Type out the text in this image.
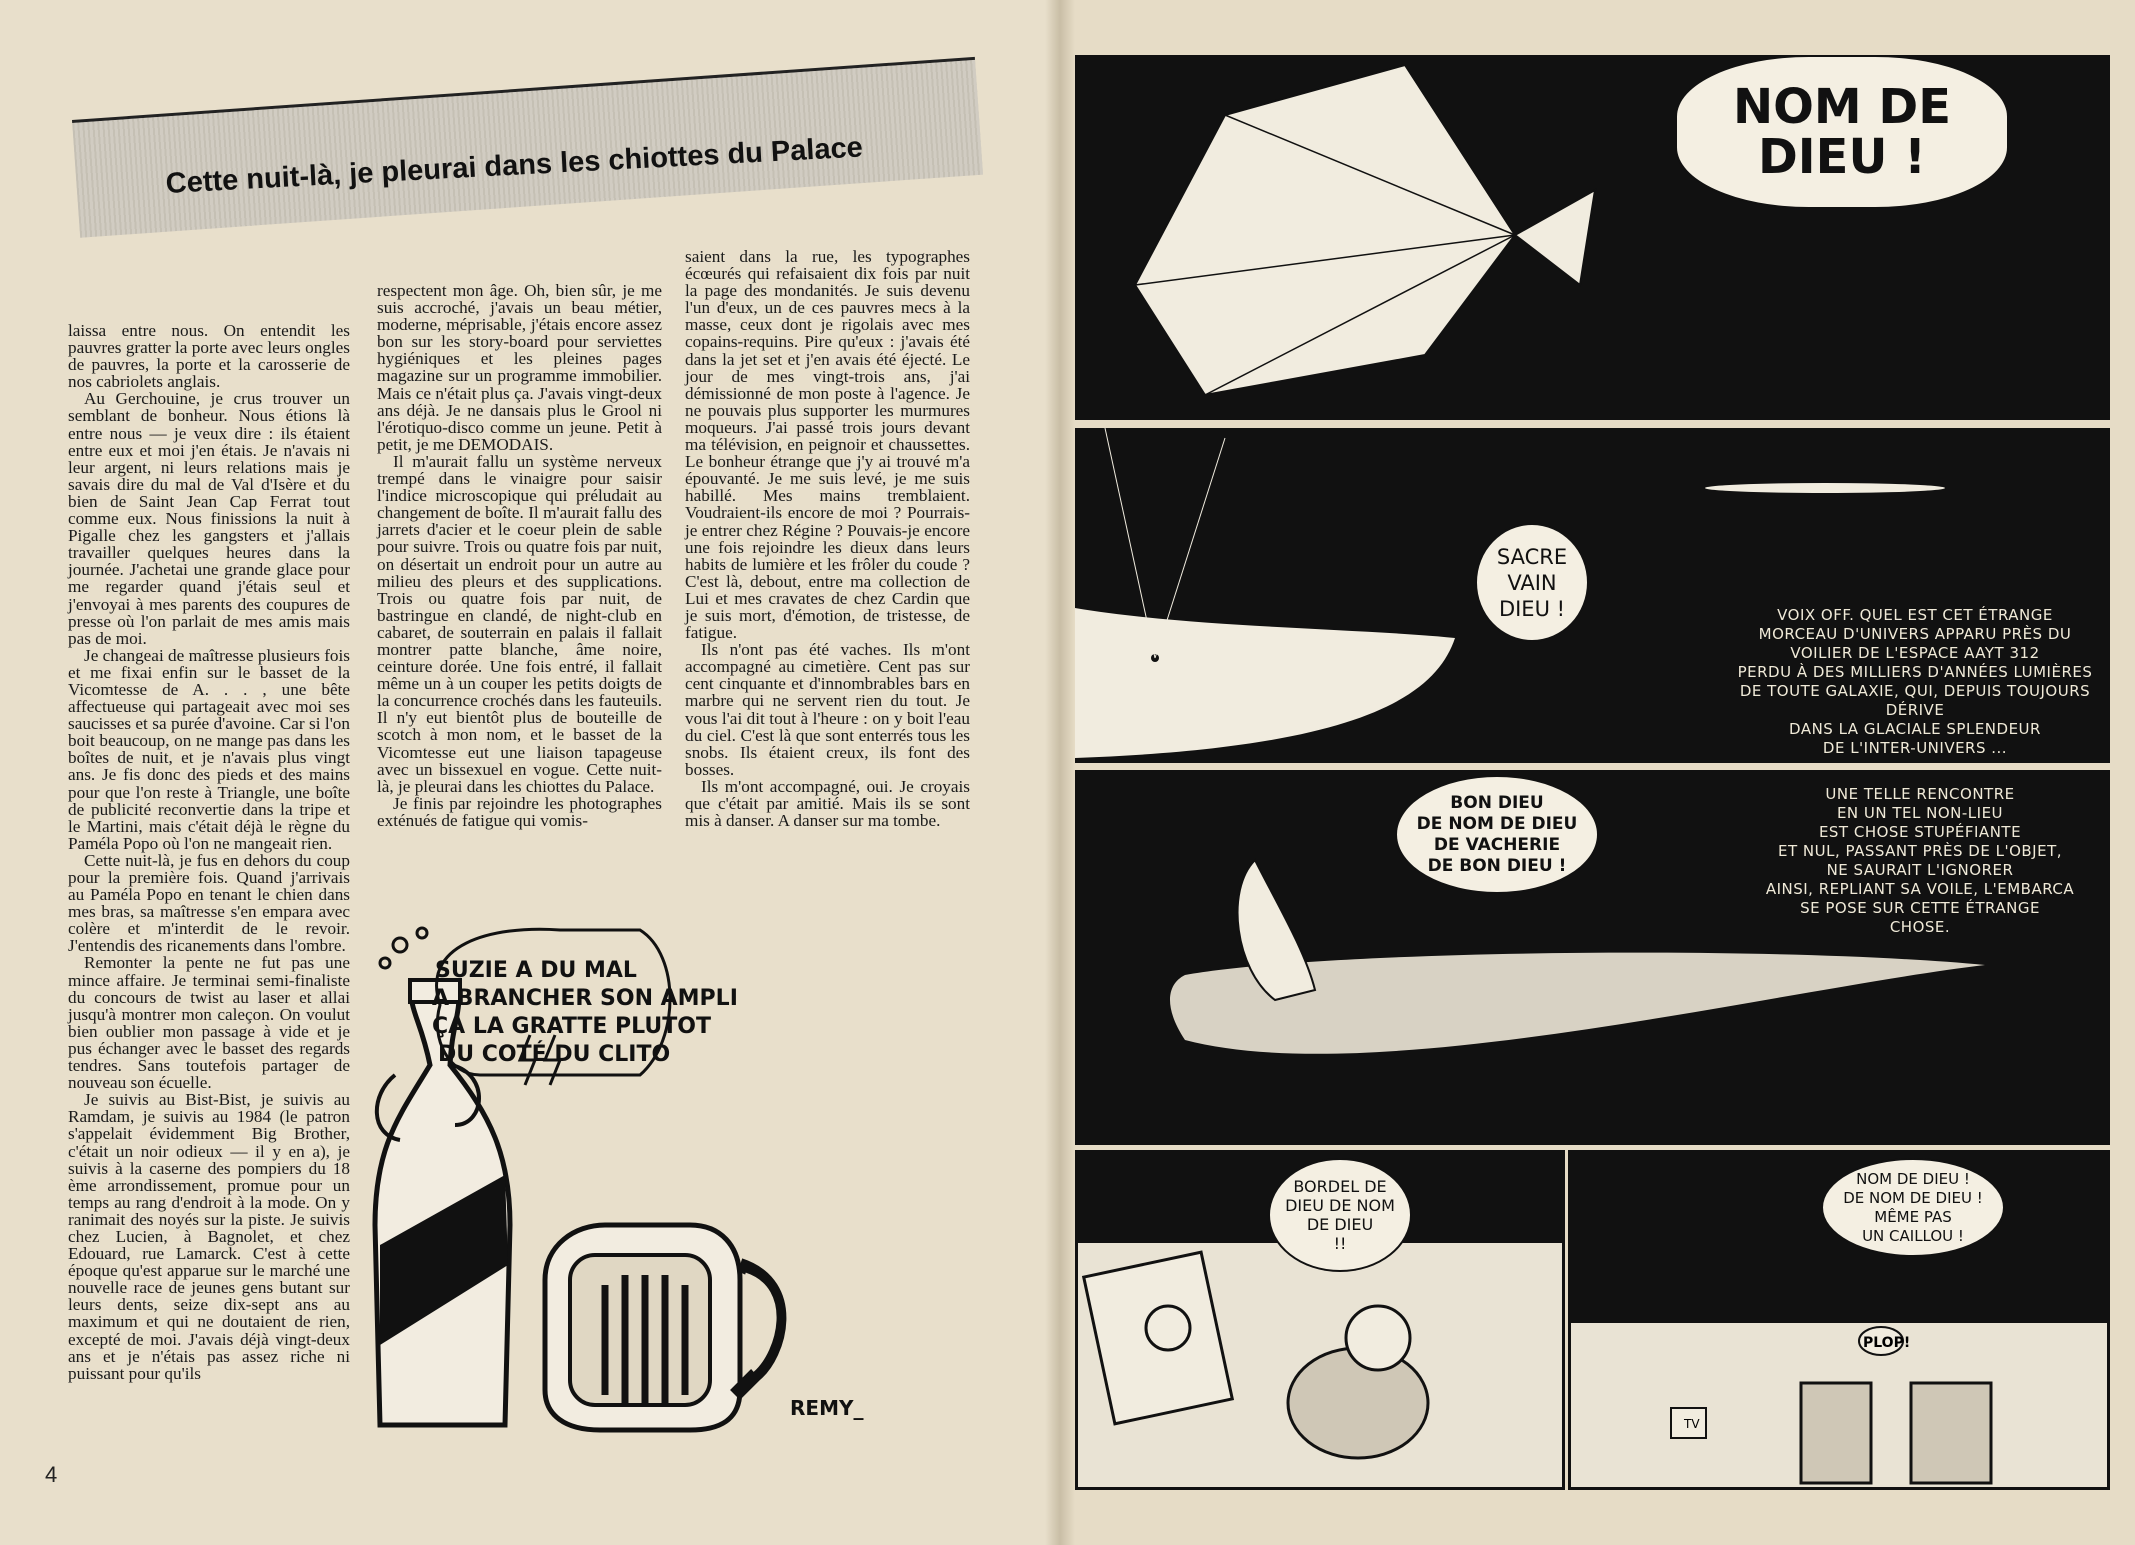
Cette nuit-là, je pleurai dans les chiottes du Palace

laissa entre nous. On entendit les pauvres gratter la porte avec leurs ongles de pauvres, la porte et la carosserie de nos cabriolets anglais.

Au Gerchouine, je crus trouver un semblant de bonheur. Nous étions là entre nous — je veux dire : ils étaient entre eux et moi j'en étais. Je n'avais ni leur argent, ni leurs relations mais je savais dire du mal de Val d'Isère et du bien de Saint Jean Cap Ferrat tout comme eux. Nous finissions la nuit à Pigalle chez les gangsters et j'allais travailler quelques heures dans la journée. J'achetai une grande glace pour me regarder quand j'étais seul et j'envoyai à mes parents des coupures de presse où l'on parlait de mes amis mais pas de moi.

Je changeai de maîtresse plusieurs fois et me fixai enfin sur le basset de la Vicomtesse de A. . . , une bête affectueuse qui partageait avec moi ses saucisses et sa purée d'avoine. Car si l'on boit beaucoup, on ne mange pas dans les boîtes de nuit, et je n'avais plus vingt ans. Je fis donc des pieds et des mains pour que l'on reste à Triangle, une boîte de publicité reconvertie dans la tripe et le Martini, mais c'était déjà le règne du Paméla Popo où l'on ne mangeait rien.

Cette nuit-là, je fus en dehors du coup pour la première fois. Quand j'arrivais au Paméla Popo en tenant le chien dans mes bras, sa maîtresse s'en empara avec colère et m'interdit de le revoir. J'entendis des ricanements dans l'ombre.

Remonter la pente ne fut pas une mince affaire. Je terminai semi-finaliste du concours de twist au laser et allai jusqu'à montrer mon caleçon. On voulut bien oublier mon passage à vide et je pus échanger avec le basset des regards tendres. Sans toutefois partager de nouveau son écuelle.

Je suivis au Bist-Bist, je suivis au Ramdam, je suivis au 1984 (le patron s'appelait évidemment Big Brother, c'était un noir odieux — il y en a), je suivis à la caserne des pompiers du 18 ème arrondissement, promue pour un temps au rang d'endroit à la mode. On y ranimait des noyés sur la piste. Je suivis chez Lucien, à Bagnolet, et chez Edouard, rue Lamarck. C'est à cette époque qu'est apparue sur le marché une nouvelle race de jeunes gens butant sur leurs dents, seize dix-sept ans au maximum et qui ne doutaient de rien, excepté de moi. J'avais déjà vingt-deux ans et je n'étais pas assez riche ni puissant pour qu'ils

respectent mon âge. Oh, bien sûr, je me suis accroché, j'avais un beau métier, moderne, méprisable, j'étais encore assez bon sur les story-board pour serviettes hygiéniques et les pleines pages magazine sur un programme immobilier. Mais ce n'était plus ça. J'avais vingt-deux ans déjà. Je ne dansais plus le Grool ni l'érotiquo-disco comme un jeune. Petit à petit, je me DEMODAIS.

Il m'aurait fallu un système nerveux trempé dans le vinaigre pour saisir l'indice microscopique qui préludait au changement de boîte. Il m'aurait fallu des jarrets d'acier et le coeur plein de sable pour suivre. Trois ou quatre fois par nuit, on désertait un endroit pour un autre au milieu des pleurs et des supplications. Trois ou quatre fois par nuit, de bastringue en clandé, de night-club en cabaret, de souterrain en palais il fallait montrer patte blanche, âme noire, ceinture dorée. Une fois entré, il fallait même un à un couper les petits doigts de la concurrence crochés dans les fauteuils. Il n'y eut bientôt plus de bouteille de scotch à mon nom, et le basset de la Vicomtesse eut une liaison tapageuse avec un bissexuel en vogue. Cette nuit-là, je pleurai dans les chiottes du Palace.

Je finis par rejoindre les photographes exténués de fatigue qui vomis-

saient dans la rue, les typographes écœurés qui refaisaient dix fois par nuit la page des mondanités. Je suis devenu l'un d'eux, un de ces pauvres mecs à la masse, ceux dont je rigolais avec mes copains-requins. Pire qu'eux : j'avais été dans la jet set et j'en avais été éjecté. Le jour de mes vingt-trois ans, j'ai démissionné de mon poste à l'agence. Je ne pouvais plus supporter les murmures moqueurs. J'ai passé trois jours devant ma télévision, en peignoir et chaussettes. Le bonheur étrange que j'y ai trouvé m'a épouvanté. Je me suis levé, je me suis habillé. Mes mains tremblaient. Voudraient-ils encore de moi ? Pourrais-je entrer chez Régine ? Pouvais-je encore une fois rejoindre les dieux dans leurs habits de lumière et les frôler du coude ? C'est là, debout, entre ma collection de Lui et mes cravates de chez Cardin que je suis mort, d'émotion, de tristesse, de fatigue.

Ils n'ont pas été vaches. Ils m'ont accompagné au cimetière. Cent pas sur cent cinquante et d'innombrables bars en marbre qui ne servent rien du tout. Je vous l'ai dit tout à l'heure : on y boit l'eau du ciel. C'est là que sont enterrés tous les snobs. Ils étaient creux, ils font des bosses.

Ils m'ont accompagné, oui. Je croyais que c'était par amitié. Mais ils se sont mis à danser. A danser sur ma tombe.

4
SUZIE A DU MAL
A BRANCHER SON AMPLI
ÇA LA GRATTE PLUTOT
DU COTÉ DU CLITO
REMY_
NOM DE
DIEU !
SACRE
VAIN
DIEU !	VOIX OFF. QUEL EST CET ÉTRANGE
MORCEAU D'UNIVERS APPARU PRÈS DU
VOILIER DE L'ESPACE AAYT 312
PERDU À DES MILLIERS D'ANNÉES LUMIÈRES
DE TOUTE GALAXIE, QUI, DEPUIS TOUJOURS
DÉRIVE
DANS LA GLACIALE SPLENDEUR
DE L'INTER-UNIVERS ...
BON DIEU
DE NOM DE DIEU
DE VACHERIE
DE BON DIEU !
UNE TELLE RENCONTRE
EN UN TEL NON-LIEU
EST CHOSE STUPÉFIANTE
ET NUL, PASSANT PRÈS DE L'OBJET,
NE SAURAIT L'IGNORER
AINSI, REPLIANT SA VOILE, L'EMBARCA
SE POSE SUR CETTE ÉTRANGE
CHOSE.
BORDEL DE
DIEU DE NOM
DE DIEU
!!
TV
PLOP!
NOM DE DIEU !
DE NOM DE DIEU !
MÊME PAS
UN CAILLOU !
